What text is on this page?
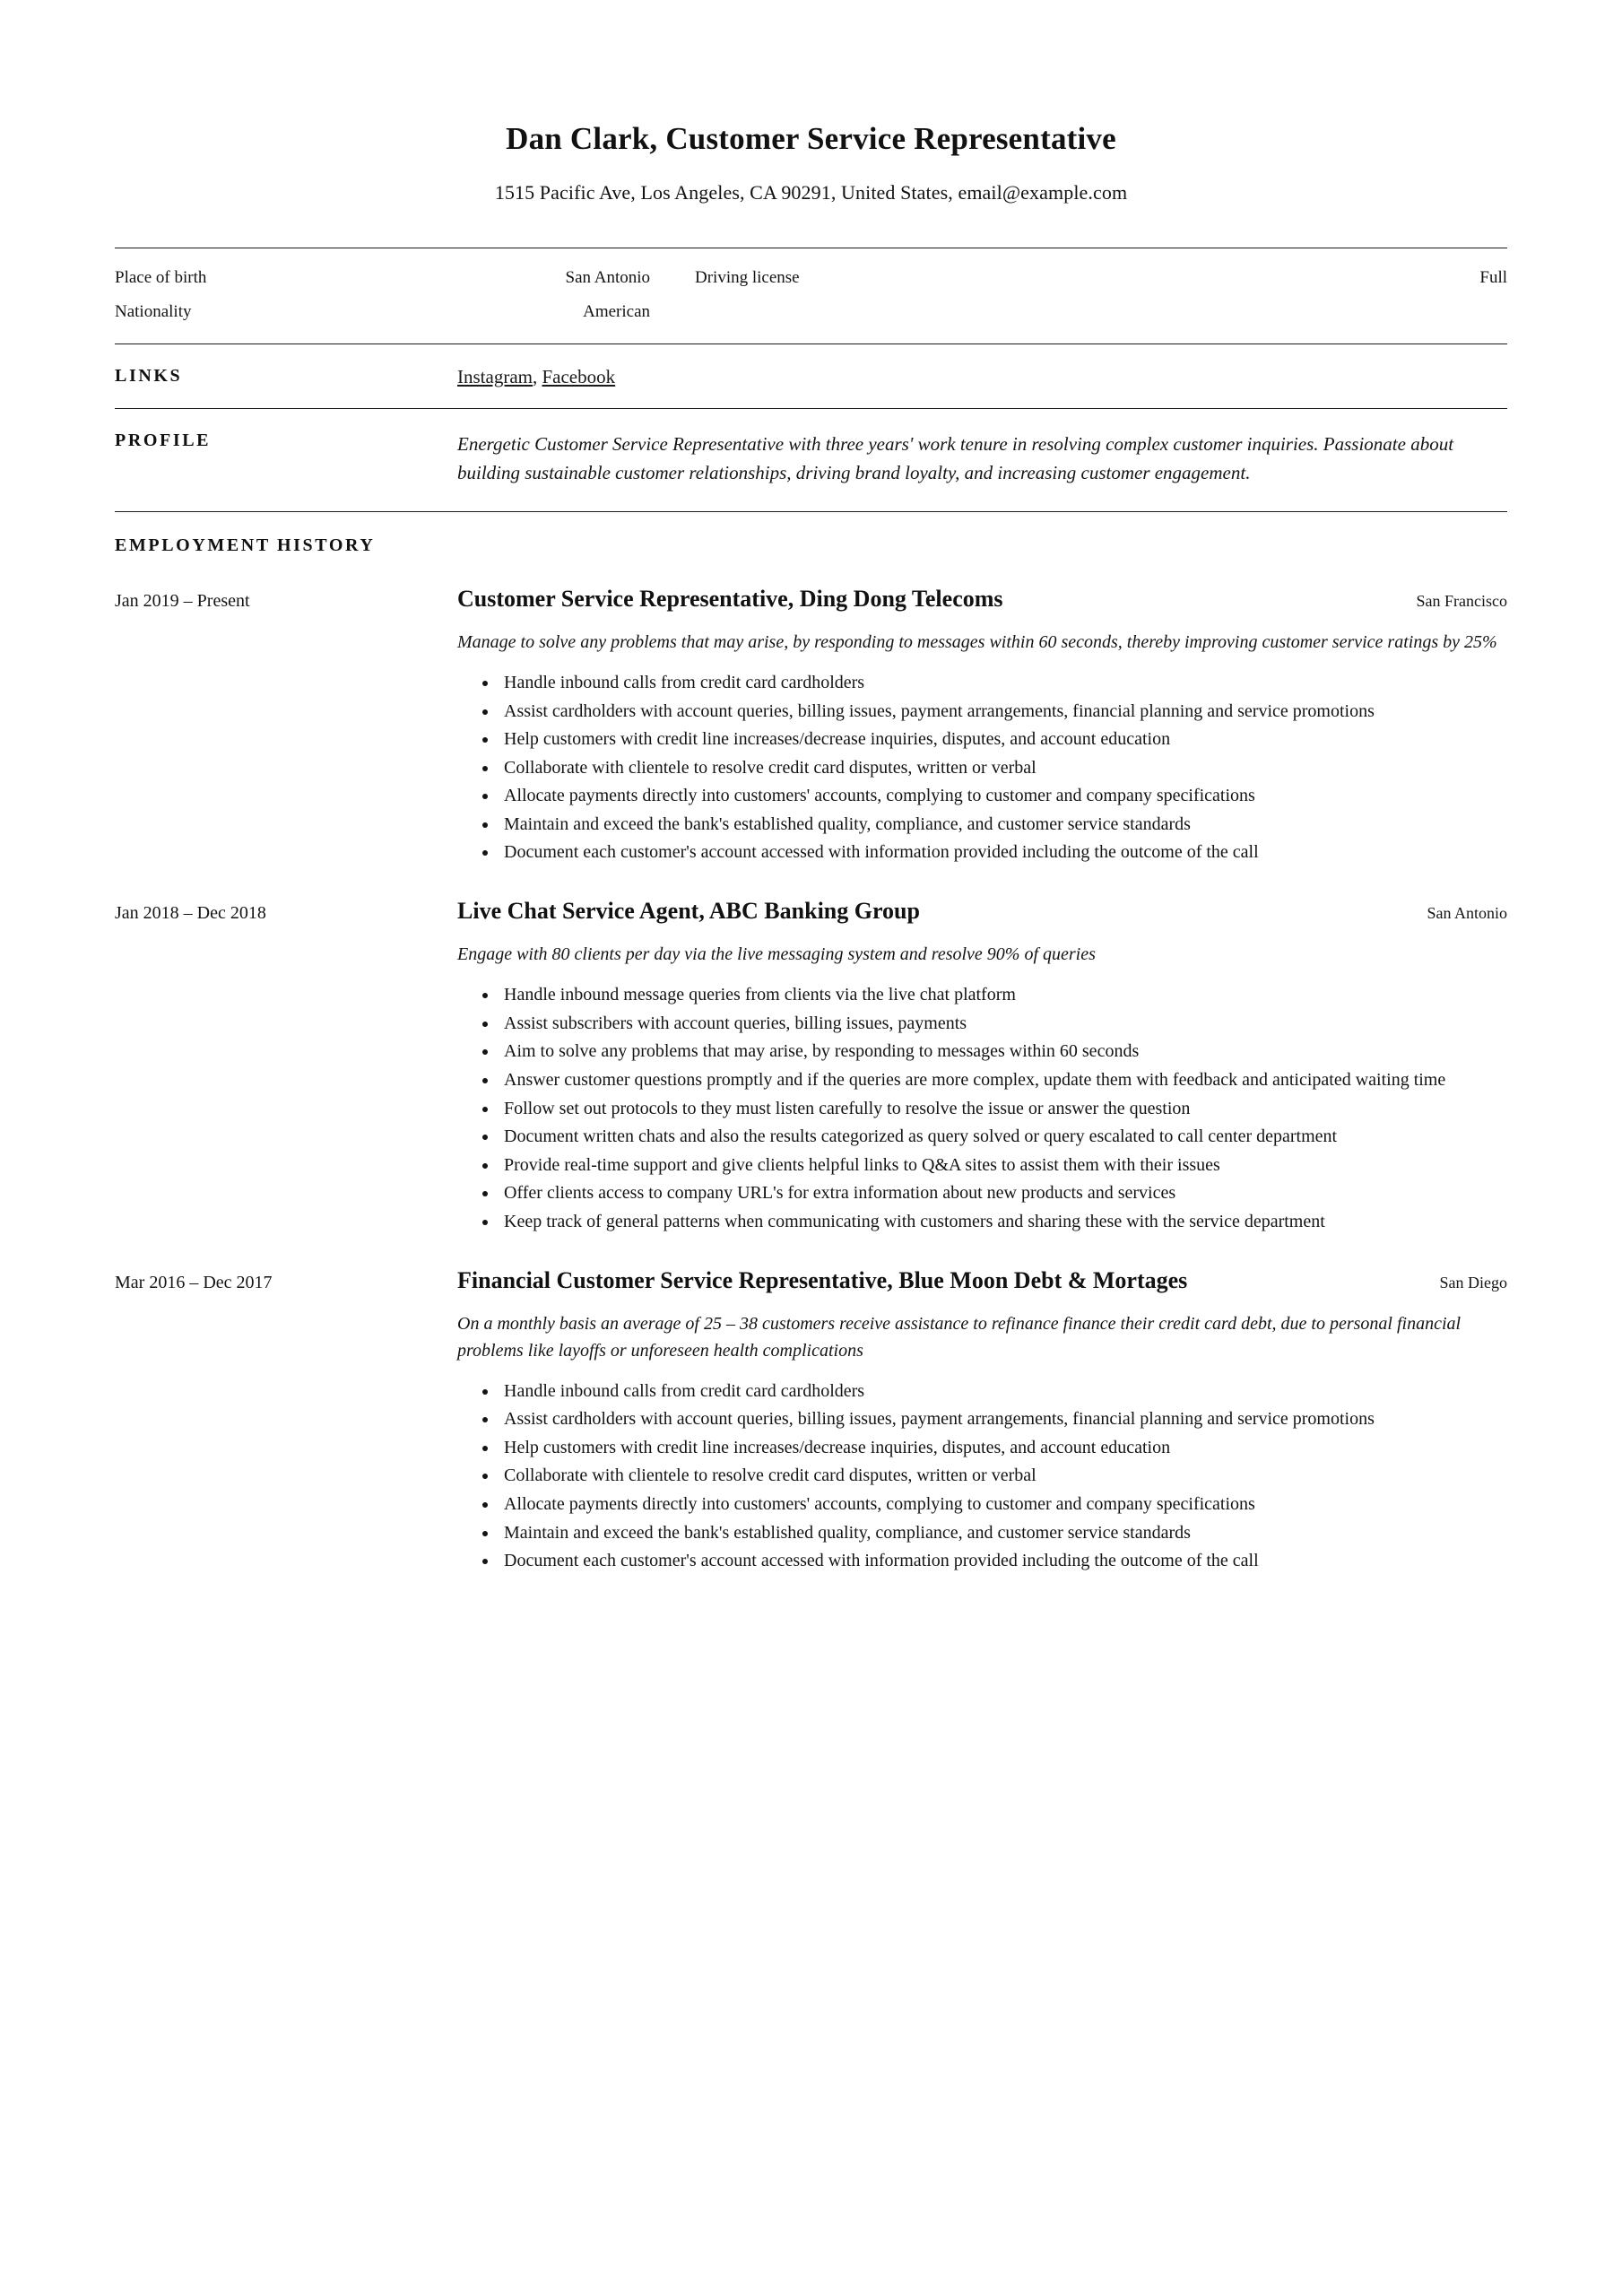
Dan Clark, Customer Service Representative
1515 Pacific Ave, Los Angeles, CA 90291, United States, email@example.com
Place of birth	San Antonio	Driving license	Full
Nationality	American

LINKS	Instagram, Facebook
PROFILE	Energetic Customer Service Representative with three years' work tenure in resolving complex customer inquiries. Passionate about building sustainable customer relationships, driving brand loyalty, and increasing customer engagement.
EMPLOYMENT HISTORY
Jan 2019 – Present	Customer Service Representative, Ding Dong Telecoms	San Francisco
Manage to solve any problems that may arise, by responding to messages within 60 seconds, thereby improving customer service ratings by 25%
• Handle inbound calls from credit card cardholders
• Assist cardholders with account queries, billing issues, payment arrangements, financial planning and service promotions
• Help customers with credit line increases/decrease inquiries, disputes, and account education
• Collaborate with clientele to resolve credit card disputes, written or verbal
• Allocate payments directly into customers' accounts, complying to customer and company specifications
• Maintain and exceed the bank's established quality, compliance, and customer service standards
• Document each customer's account accessed with information provided including the outcome of the call
Jan 2018 – Dec 2018	Live Chat Service Agent, ABC Banking Group	San Antonio
Engage with 80 clients per day via the live messaging system and resolve 90% of queries
• Handle inbound message queries from clients via the live chat platform
• Assist subscribers with account queries, billing issues, payments
• Aim to solve any problems that may arise, by responding to messages within 60 seconds
• Answer customer questions promptly and if the queries are more complex, update them with feedback and anticipated waiting time
• Follow set out protocols to they must listen carefully to resolve the issue or answer the question
• Document written chats and also the results categorized as query solved or query escalated to call center department
• Provide real-time support and give clients helpful links to Q&A sites to assist them with their issues
• Offer clients access to company URL's for extra information about new products and services
• Keep track of general patterns when communicating with customers and sharing these with the service department
Mar 2016 – Dec 2017	Financial Customer Service Representative, Blue Moon Debt & Mortages	San Diego
On a monthly basis an average of 25 – 38 customers receive assistance to refinance finance their credit card debt, due to personal financial problems like layoffs or unforeseen health complications
• Handle inbound calls from credit card cardholders
• Assist cardholders with account queries, billing issues, payment arrangements, financial planning and service promotions
• Help customers with credit line increases/decrease inquiries, disputes, and account education
• Collaborate with clientele to resolve credit card disputes, written or verbal
• Allocate payments directly into customers' accounts, complying to customer and company specifications
• Maintain and exceed the bank's established quality, compliance, and customer service standards
• Document each customer's account accessed with information provided including the outcome of the call
